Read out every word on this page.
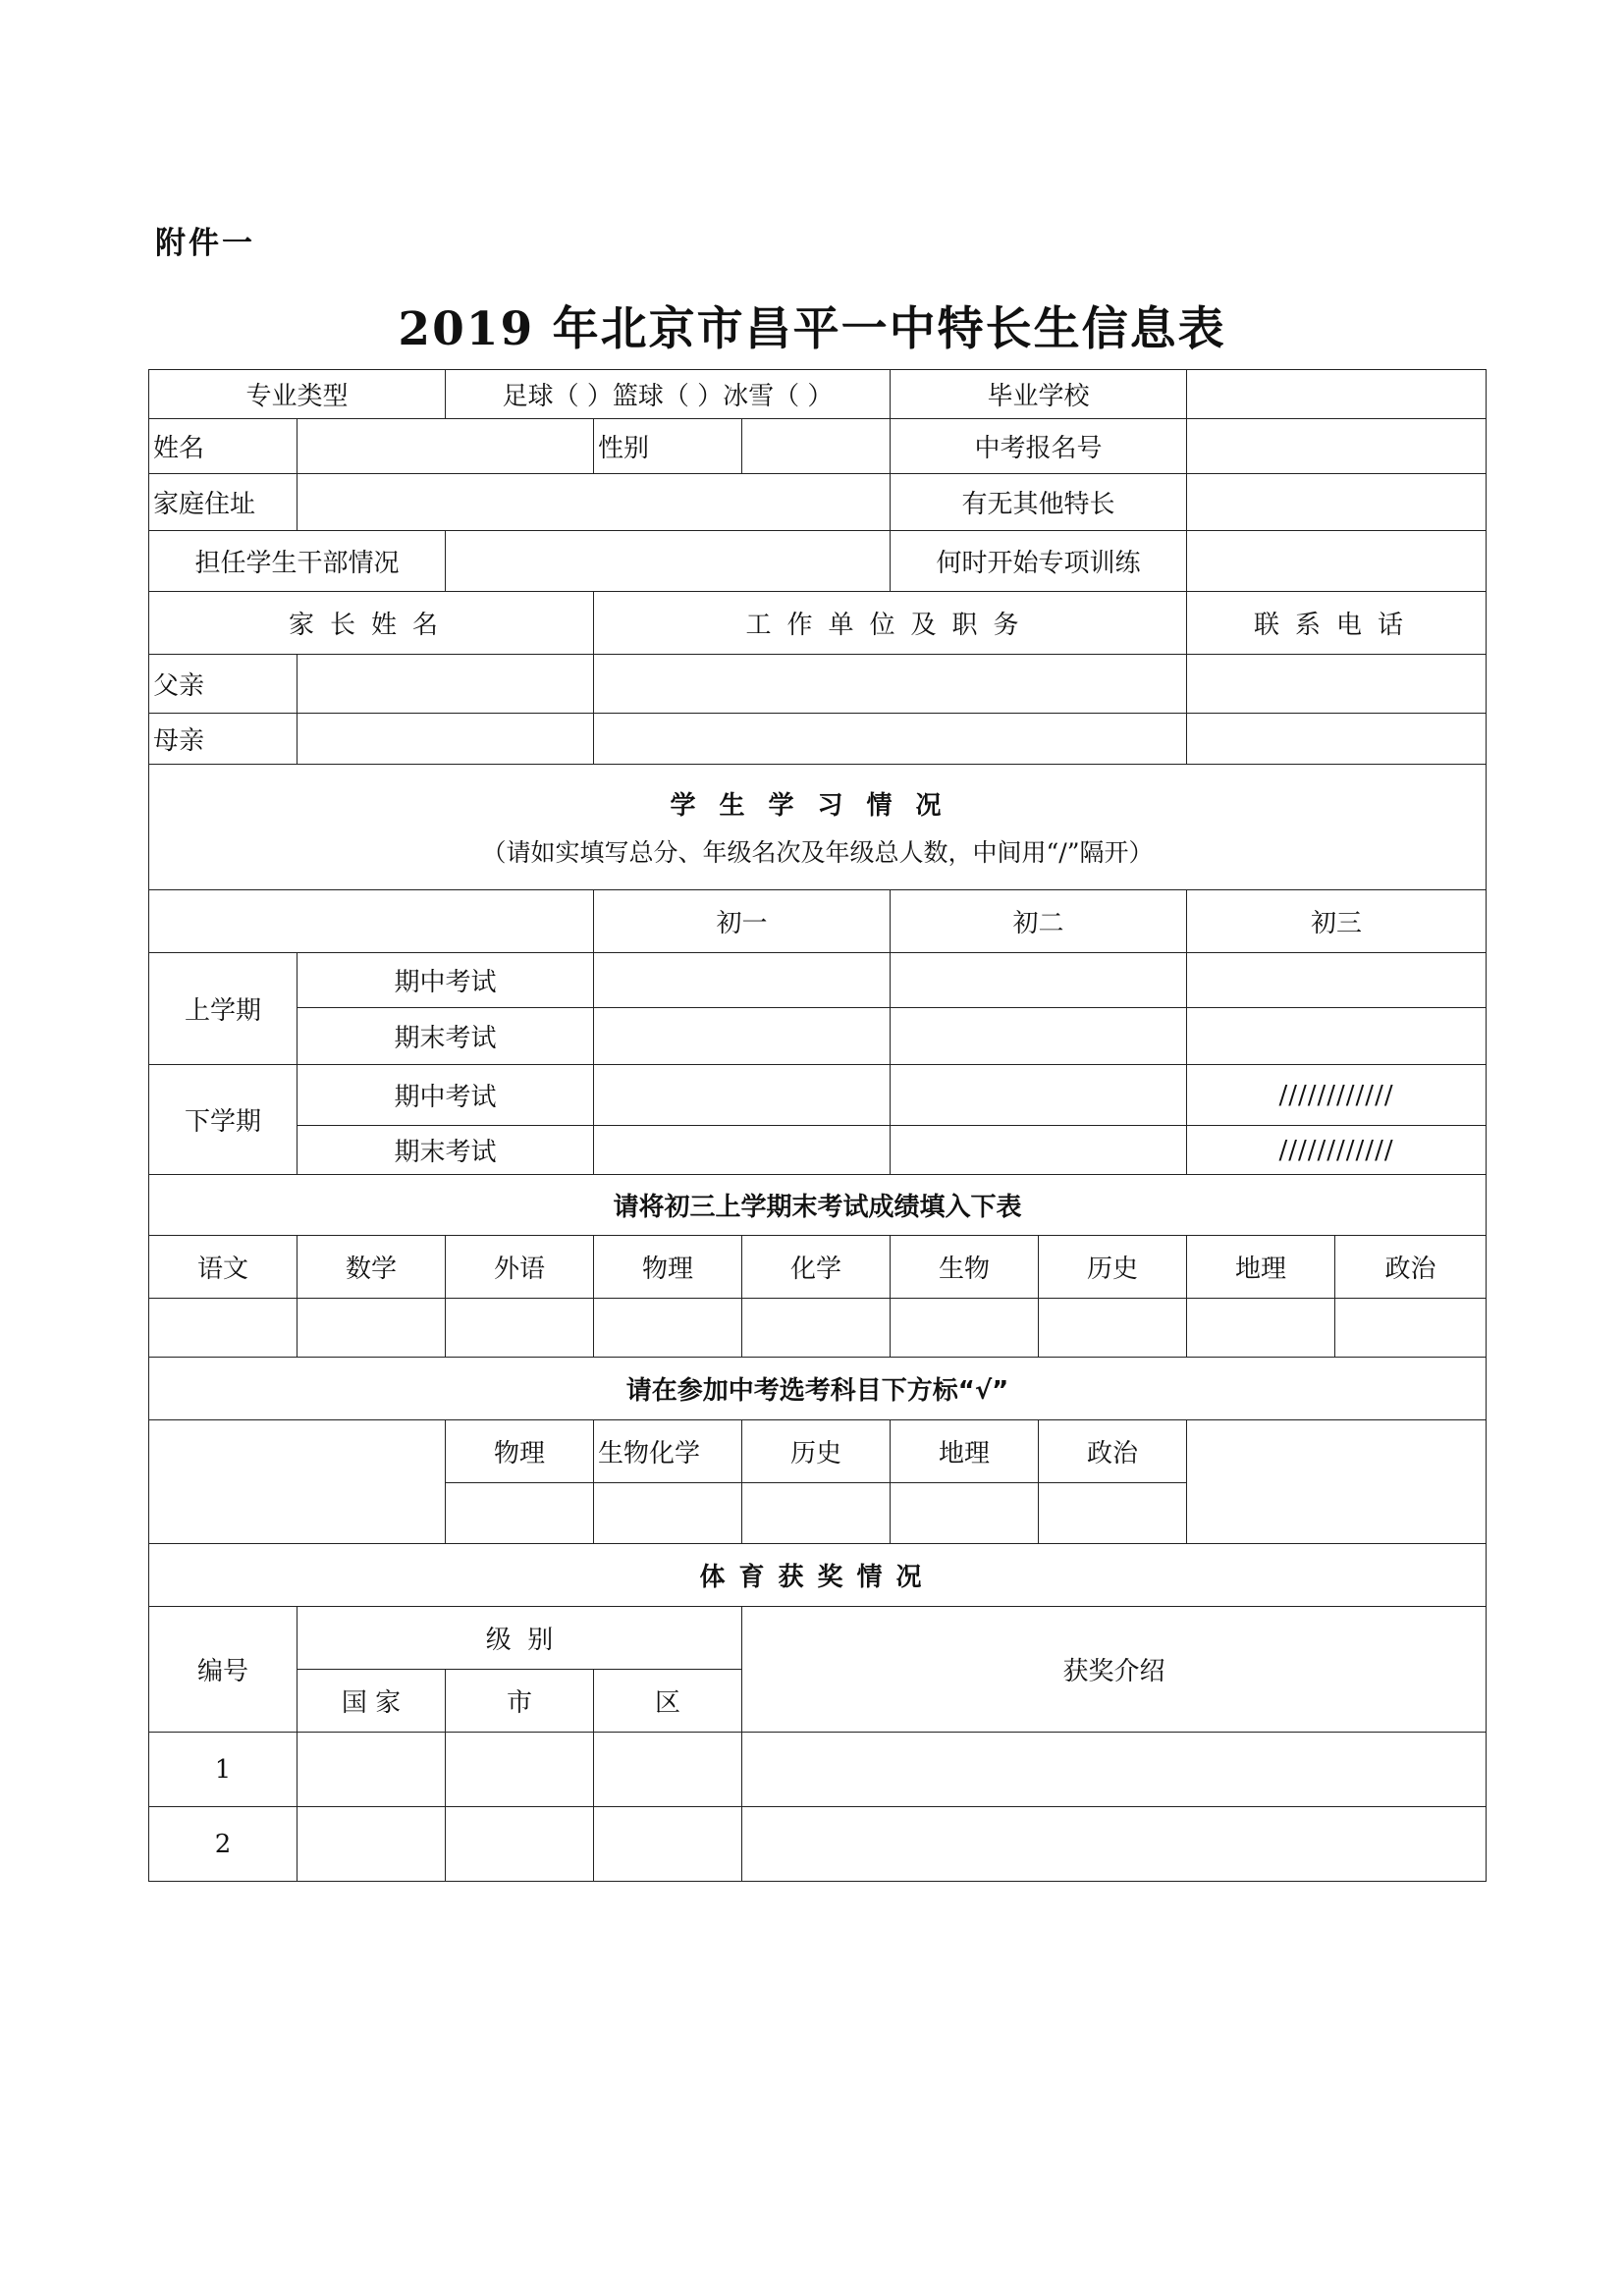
附件一
2019 年北京市昌平一中特长生信息表
专业类型		足球（ ）篮球（ ）冰雪（ ）			毕业学校			
姓名			性别		中考报名号			
家庭住址					有无其他特长			
担任学生干部情况					何时开始专项训练			
家长姓名			工作单位及职务				联系电话	
父亲								
母亲								

学生学习情况
（请如实填写总分、年级名次及年级总人数，中间用“/”隔开）								

			初一		初二		初三	
上学期	期中考试							
	期末考试							
下学期	期中考试						////////////	
	期末考试						////////////	
请将初三上学期末考试成绩填入下表								
语文	数学	外语	物理	化学	生物	历史	地理	政治

请在参加中考选考科目下方标“√”								
		物理	生物化学	历史	地理	政治		

体育获奖情况								
编号	级  别			获奖介绍				
	国 家	市	区					
1								
2								
